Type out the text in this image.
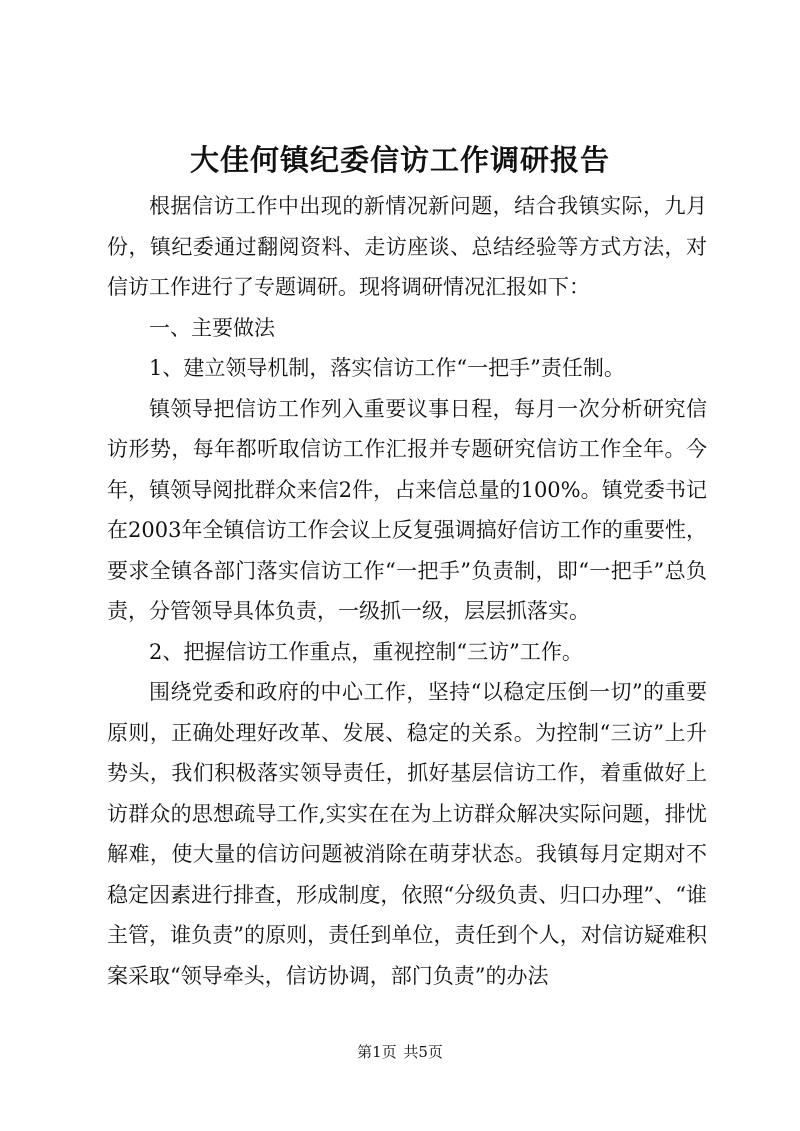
大佳何镇纪委信访工作调研报告

根据信访工作中出现的新情况新问题，结合我镇实际，九月份，镇纪委通过翻阅资料、走访座谈、总结经验等方式方法，对信访工作进行了专题调研。现将调研情况汇报如下：

一、主要做法

1、建立领导机制，落实信访工作“一把手”责任制。

镇领导把信访工作列入重要议事日程，每月一次分析研究信访形势，每年都听取信访工作汇报并专题研究信访工作全年。今年，镇领导阅批群众来信2件，占来信总量的100%。镇党委书记在2003年全镇信访工作会议上反复强调搞好信访工作的重要性，要求全镇各部门落实信访工作“一把手”负责制，即“一把手”总负责，分管领导具体负责，一级抓一级，层层抓落实。

2、把握信访工作重点，重视控制“三访”工作。

围绕党委和政府的中心工作，坚持“以稳定压倒一切”的重要原则，正确处理好改革、发展、稳定的关系。为控制“三访”上升势头，我们积极落实领导责任，抓好基层信访工作，着重做好上访群众的思想疏导工作,实实在在为上访群众解决实际问题，排忧解难，使大量的信访问题被消除在萌芽状态。我镇每月定期对不稳定因素进行排查，形成制度，依照“分级负责、归口办理”、“谁主管，谁负责”的原则，责任到单位，责任到个人，对信访疑难积案采取“领导牵头，信访协调，部门负责”的办法

第1页 共5页
